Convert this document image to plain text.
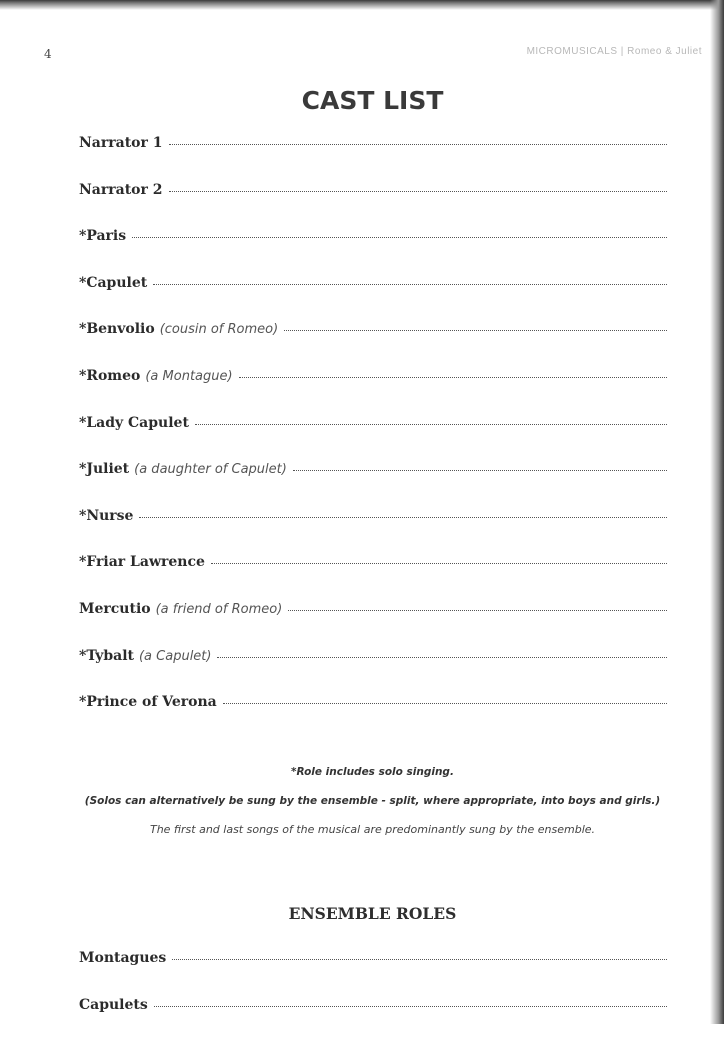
4	MICROMUSICALS | Romeo & Juliet
CAST LIST
Narrator 1
Narrator 2
*Paris
*Capulet
*Benvolio (cousin of Romeo)
*Romeo (a Montague)
*Lady Capulet
*Juliet (a daughter of Capulet)
*Nurse
*Friar Lawrence
Mercutio (a friend of Romeo)
*Tybalt (a Capulet)
*Prince of Verona
*Role includes solo singing.
(Solos can alternatively be sung by the ensemble - split, where appropriate, into boys and girls.)
The first and last songs of the musical are predominantly sung by the ensemble.
ENSEMBLE ROLES
Montagues
Capulets
